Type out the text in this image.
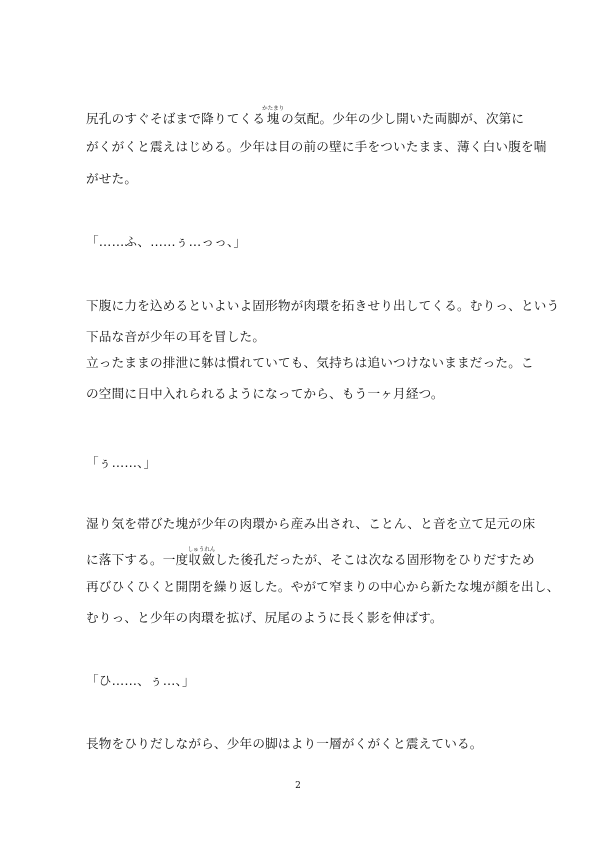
尻孔のすぐそばまで降りてくる塊かたまりの気配。少年の少し開いた両脚が、次第に
がくがくと震えはじめる。少年は目の前の壁に手をついたまま、薄く白い腹を喘
がせた。
「……ふ、……ぅ…っっ、」
下腹に力を込めるといよいよ固形物が肉環を拓きせり出してくる。むりっ、という
下品な音が少年の耳を冒した。
立ったままの排泄に躰は慣れていても、気持ちは追いつけないままだった。こ
の空間に日中入れられるようになってから、もう一ヶ月経つ。
「ぅ……、」
湿り気を帯びた塊が少年の肉環から産み出され、ことん、と音を立て足元の床
に落下する。一度収斂しゅうれんした後孔だったが、そこは次なる固形物をひりだすため
再びひくひくと開閉を繰り返した。やがて窄まりの中心から新たな塊が顔を出し、
むりっ、と少年の肉環を拡げ、尻尾のように長く影を伸ばす。
「ひ……、ぅ…、」
長物をひりだしながら、少年の脚はより一層がくがくと震えている。
2
